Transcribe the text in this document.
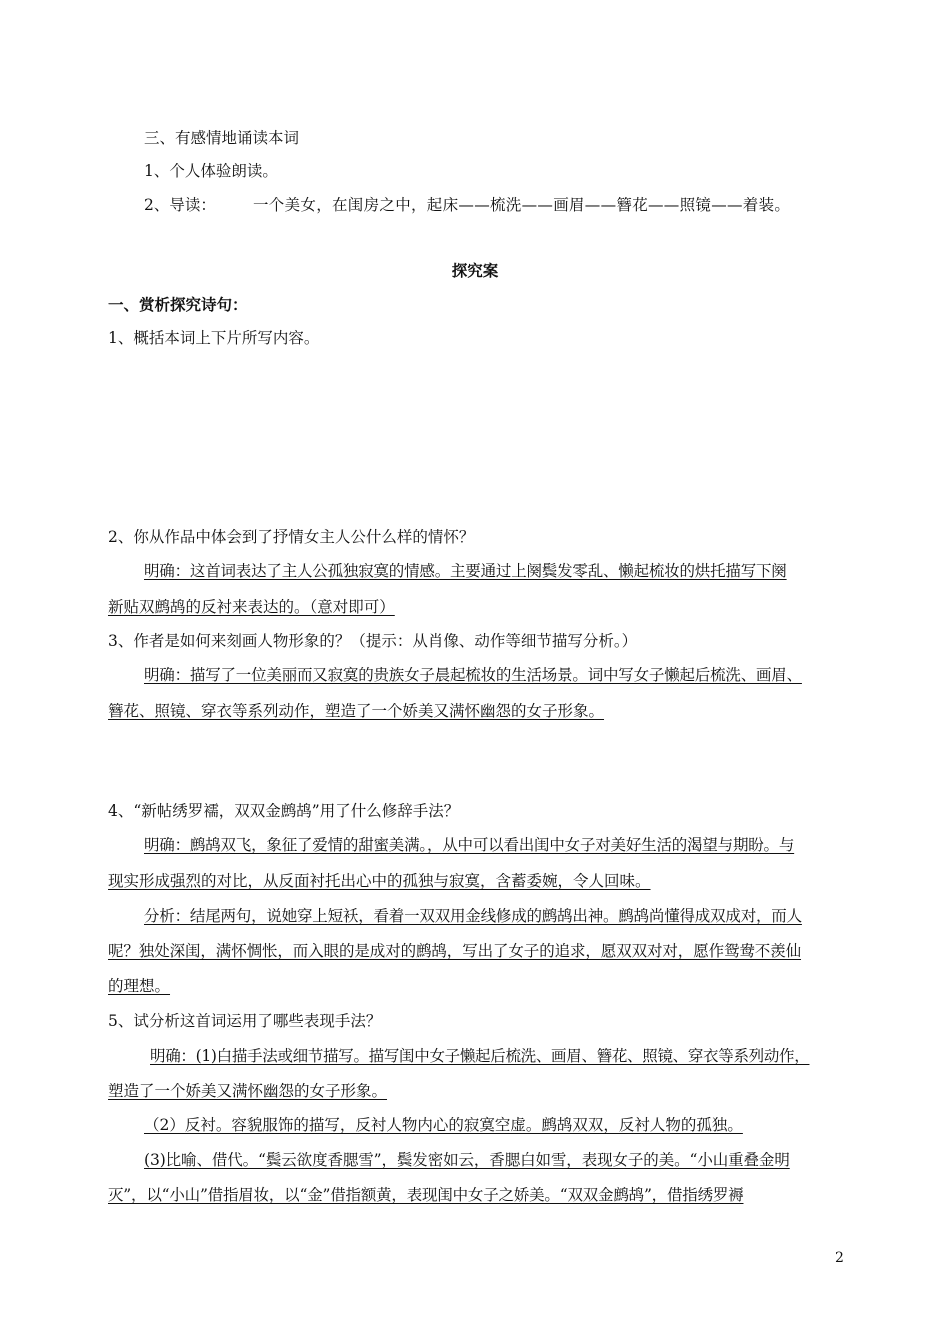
三、有感情地诵读本词
1、个人体验朗读。
2、导读： 一个美女，在闺房之中，起床——梳洗——画眉——簪花——照镜——着装。
探究案
一、赏析探究诗句：
1、概括本词上下片所写内容。
2、你从作品中体会到了抒情女主人公什么样的情怀？
明确：这首词表达了主人公孤独寂寞的情感。主要通过上阕鬓发零乱、懒起梳妆的烘托描写下阕
新贴双鹧鸪的反衬来表达的。（意对即可）
3、作者是如何来刻画人物形象的？（提示：从肖像、动作等细节描写分析。）
明确：描写了一位美丽而又寂寞的贵族女子晨起梳妆的生活场景。词中写女子懒起后梳洗、画眉、
簪花、照镜、穿衣等系列动作，塑造了一个娇美又满怀幽怨的女子形象。
4、“新帖绣罗襦，双双金鹧鸪”用了什么修辞手法？
明确：鹧鸪双飞，象征了爱情的甜蜜美满。，从中可以看出闺中女子对美好生活的渴望与期盼。与
现实形成强烈的对比，从反面衬托出心中的孤独与寂寞，含蓄委婉，令人回味。
分析：结尾两句，说她穿上短袄，看着一双双用金线修成的鹧鸪出神。鹧鸪尚懂得成双成对，而人
呢？独处深闺，满怀惆怅，而入眼的是成对的鹧鸪，写出了女子的追求，愿双双对对，愿作鸳鸯不羡仙
的理想。
5、试分析这首词运用了哪些表现手法？
明确：(1)白描手法或细节描写。描写闺中女子懒起后梳洗、画眉、簪花、照镜、穿衣等系列动作，
塑造了一个娇美又满怀幽怨的女子形象。
（2）反衬。容貌服饰的描写，反衬人物内心的寂寞空虚。鹧鸪双双，反衬人物的孤独。
(3)比喻、借代。“鬓云欲度香腮雪”，鬓发密如云，香腮白如雪，表现女子的美。“小山重叠金明
灭”，以“小山”借指眉妆，以“金”借指额黄，表现闺中女子之娇美。“双双金鹧鸪”，借指绣罗褥
2
